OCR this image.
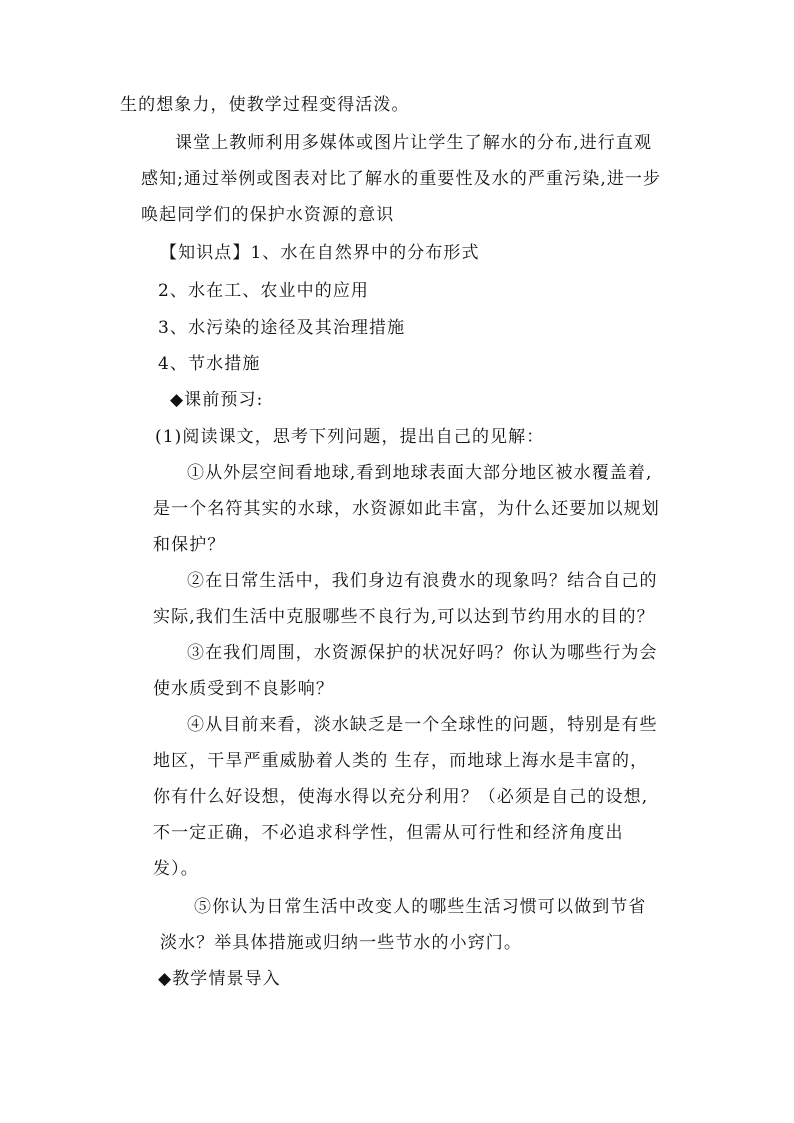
生的想象力，使教学过程变得活泼。
课堂上教师利用多媒体或图片让学生了解水的分布,进行直观
感知;通过举例或图表对比了解水的重要性及水的严重污染,进一步
唤起同学们的保护水资源的意识
【知识点】1、水在自然界中的分布形式
2、水在工、农业中的应用
3、水污染的途径及其治理措施
4、节水措施
◆课前预习:
(1)阅读课文，思考下列问题，提出自己的见解：
①从外层空间看地球,看到地球表面大部分地区被水覆盖着,
是一个名符其实的水球，水资源如此丰富，为什么还要加以规划
和保护？
②在日常生活中，我们身边有浪费水的现象吗？结合自己的
实际,我们生活中克服哪些不良行为,可以达到节约用水的目的？
③在我们周围，水资源保护的状况好吗？你认为哪些行为会
使水质受到不良影响？
④从目前来看，淡水缺乏是一个全球性的问题，特别是有些
地区，干旱严重威胁着人类的 生存，而地球上海水是丰富的，
你有什么好设想，使海水得以充分利用？（必须是自己的设想,
不一定正确，不必追求科学性，但需从可行性和经济角度出
发）。
⑤你认为日常生活中改变人的哪些生活习惯可以做到节省
淡水？举具体措施或归纳一些节水的小窍门。
◆教学情景导入
